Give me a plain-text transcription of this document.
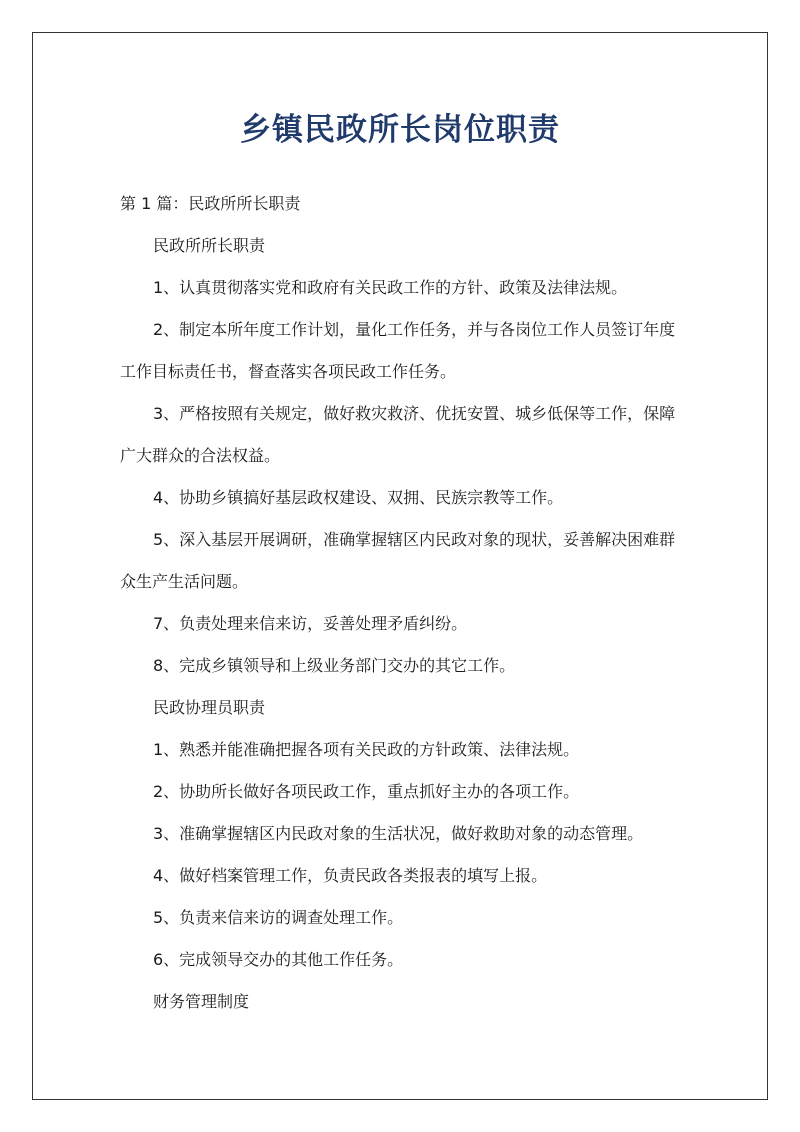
乡镇民政所长岗位职责
第 1 篇：民政所所长职责
民政所所长职责
1、认真贯彻落实党和政府有关民政工作的方针、政策及法律法规。
2、制定本所年度工作计划，量化工作任务，并与各岗位工作人员签订年度
工作目标责任书，督查落实各项民政工作任务。
3、严格按照有关规定，做好救灾救济、优抚安置、城乡低保等工作，保障
广大群众的合法权益。
4、协助乡镇搞好基层政权建设、双拥、民族宗教等工作。
5、深入基层开展调研，准确掌握辖区内民政对象的现状，妥善解决困难群
众生产生活问题。
7、负责处理来信来访，妥善处理矛盾纠纷。
8、完成乡镇领导和上级业务部门交办的其它工作。
民政协理员职责
1、熟悉并能准确把握各项有关民政的方针政策、法律法规。
2、协助所长做好各项民政工作，重点抓好主办的各项工作。
3、准确掌握辖区内民政对象的生活状况，做好救助对象的动态管理。
4、做好档案管理工作，负责民政各类报表的填写上报。
5、负责来信来访的调查处理工作。
6、完成领导交办的其他工作任务。
财务管理制度
